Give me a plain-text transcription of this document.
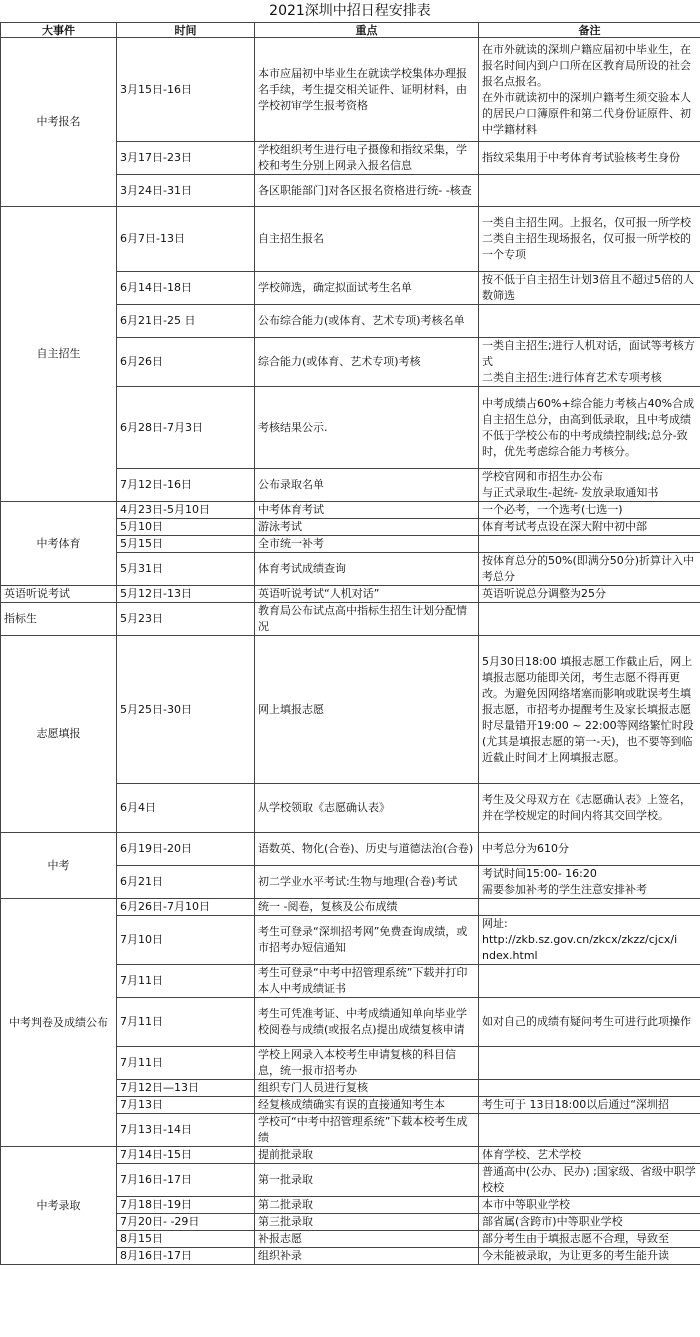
2021深圳中招日程安排表
大事件	时间	重点	备注
中考报名	3月15日-16日	本市应届初中毕业生在就读学校集体办理报名手续，考生提交相关证件、证明材料，由学校初审学生报考资格	在市外就读的深圳户籍应届初中毕业生，在报名时间内到户口所在区教育局所设的社会报名点报名。
在外市就读初中的深圳户籍考生须交验本人的居民户口簿原件和第二代身份证原件、初中学籍材料
	3月17日-23日	学校组织考生进行电子摄像和指纹采集，学校和考生分别上网录入报名信息	指纹采集用于中考体育考试验核考生身份
	3月24日-31日	各区职能部门]对各区报名资格进行统- -核查	
自主招生	6月7日-13日	自主招生报名	一类自主招生网。上报名，仅可报一所学校
二类自主招生现场报名，仅可报一所学校的一个专项
	6月14日-18日	学校筛选，确定拟面试考生名单	按不低于自主招生计划3倍且不超过5倍的人数筛选
	6月21日-25 日	公布综合能力(或体育、艺术专项)考核名单	
	6月26日	综合能力(或体育、艺术专项)考核	一类自主招生;进行人机对话，面试等考核方式
二类自主招生:进行体育艺术专项考核
	6月28日-7月3日	考核结果公示.	中考成绩占60%+综合能力考核占40%合成自主招生总分，由高到低录取，且中考成绩不低于学校公布的中考成绩控制线;总分-致时，优先考虑综合能力考核分。
	7月12日-16日	公布录取名单	学校官网和市招生办公布
与正式录取生-起统- 发放录取通知书
中考体育	4月23日-5月10日	中考体育考试	一个必考，一个选考(七选一)
	5月10日	游泳考试	体育考试考点设在深大附中初中部
	5月15日	全市统一补考	
	5月31日	体育考试成绩查询	按体育总分的50%(即满分50分)折算计入中考总分
英语听说考试	5月12日-13日	英语听说考试“人机对话”	英语听说总分调整为25分
指标生	5月23日	教育局公布试点高中指标生招生计划分配情况	
志愿填报	5月25日-30日	网上填报志愿	5月30日18:00 填报志愿工作截止后，网上填报志愿功能即关闭，考生志愿不得再更改。为避免因网络堵塞而影响或耽误考生填报志愿，市招考办提醒考生及家长填报志愿时尽量错开19:00 ~ 22:00等网络繁忙时段(尤其是填报志愿的第一-天)，也不要等到临近截止时间才上网填报志愿。
	6月4日	从学校领取《志愿确认表》	考生及父母双方在《志愿确认表》上签名，并在学校规定的时间内将其交回学校。
中考	6月19日-20日	语数英、物化(合卷)、历史与道德法治(合卷)	中考总分为610分
	6月21日	初二学业水平考试:生物与地理(合卷)考试	考试时间15:00- 16:20
需要参加补考的学生注意安排补考
中考判卷及成绩公布	6月26日-7月10日	统一 -阅卷，复核及公布成绩	
	7月10日	考生可登录“深圳招考网”免费查询成绩，或市招考办短信通知	网址:
http://zkb.sz.gov.cn/zkcx/zkzz/cjcx/i ndex.html
	7月11日	考生可登录“中考中招管理系统”下载并打印本人中考成绩证书	
	7月11日	考生可凭准考证、中考成绩通知单向毕业学校阅卷与成绩(或报名点)提出成绩复核申请	如对自己的成绩有疑问考生可进行此项操作
	7月11日	学校上网录入本校考生申请复核的科目信息，统一报市招考办	
	7月12日—13日	组织专门人员进行复核	
	7月13日	经复核成绩确实有误的直接通知考生本	考生可于 13日18:00以后通过“深圳招
	7月13日-14日	学校可“中考中招管理系统”下载本校考生成绩	
中考录取	7月14日-15日	提前批录取	体育学校、艺术学校
	7月16日-17日	第一批录取	普通高中(公办、民办) ;国家级、省级中职学校校
	7月18日-19日	第二批录取	本市中等职业学校
	7月20日- -29日	第三批录取	部省属(含跨市)中等职业学校
	8月15日	补报志愿	部分考生由于填报志愿不合理，导致至
	8月16日-17日	组织补录	今未能被录取，为让更多的考生能升读
